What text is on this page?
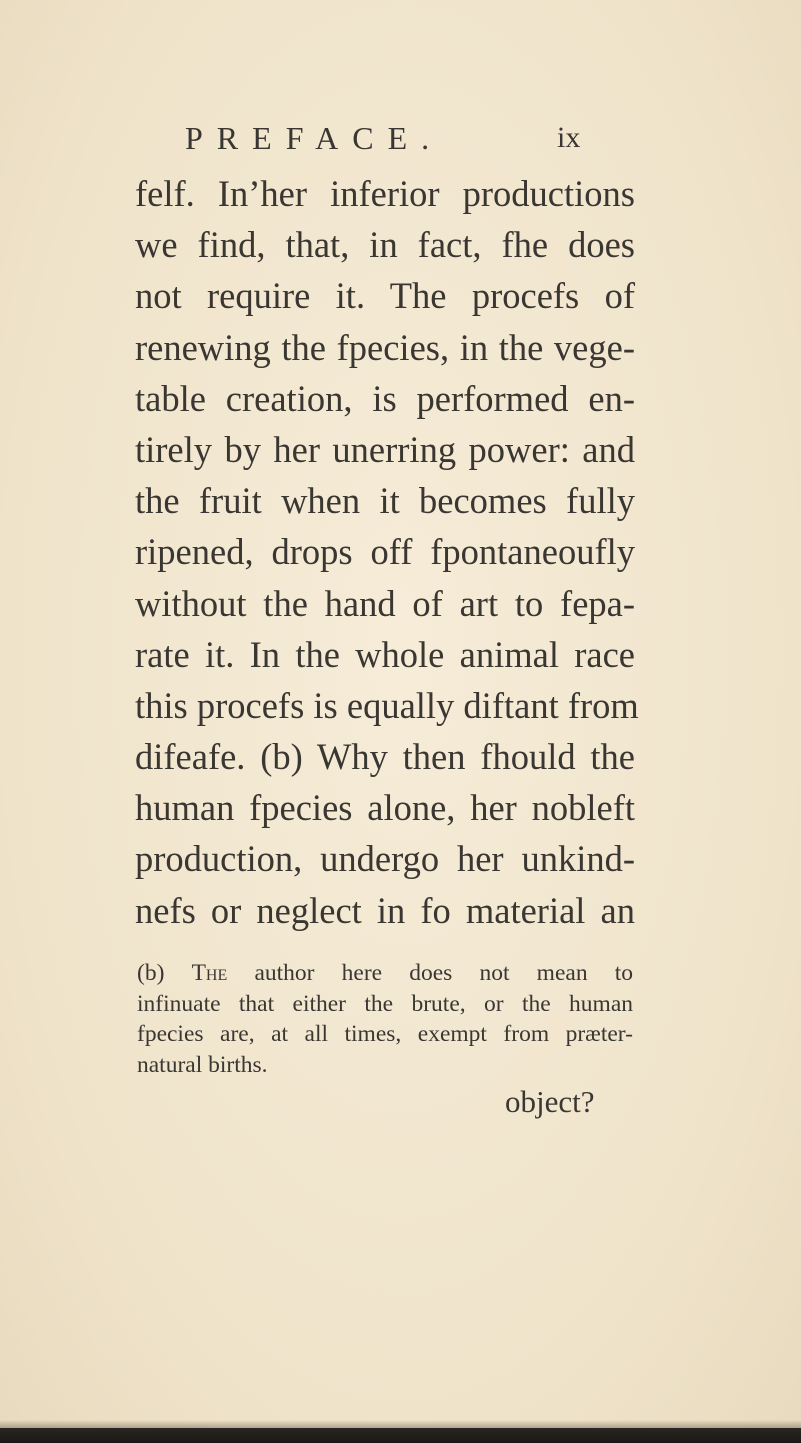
PREFACE.	ix
felf. In’her inferior productions
we find, that, in fact, fhe does
not require it. The procefs of
renewing the fpecies, in the vege-
table creation, is performed en-
tirely by her unerring power: and
the fruit when it becomes fully
ripened, drops off fpontaneoufly
without the hand of art to fepa-
rate it. In the whole animal race
this procefs is equally diftant from
difeafe. (b) Why then fhould the
human fpecies alone, her nobleft
production, undergo her unkind-
nefs or neglect in fo material an
(b) The author here does not mean to
infinuate that either the brute, or the human
fpecies are, at all times, exempt from præter-
natural births.
object?
